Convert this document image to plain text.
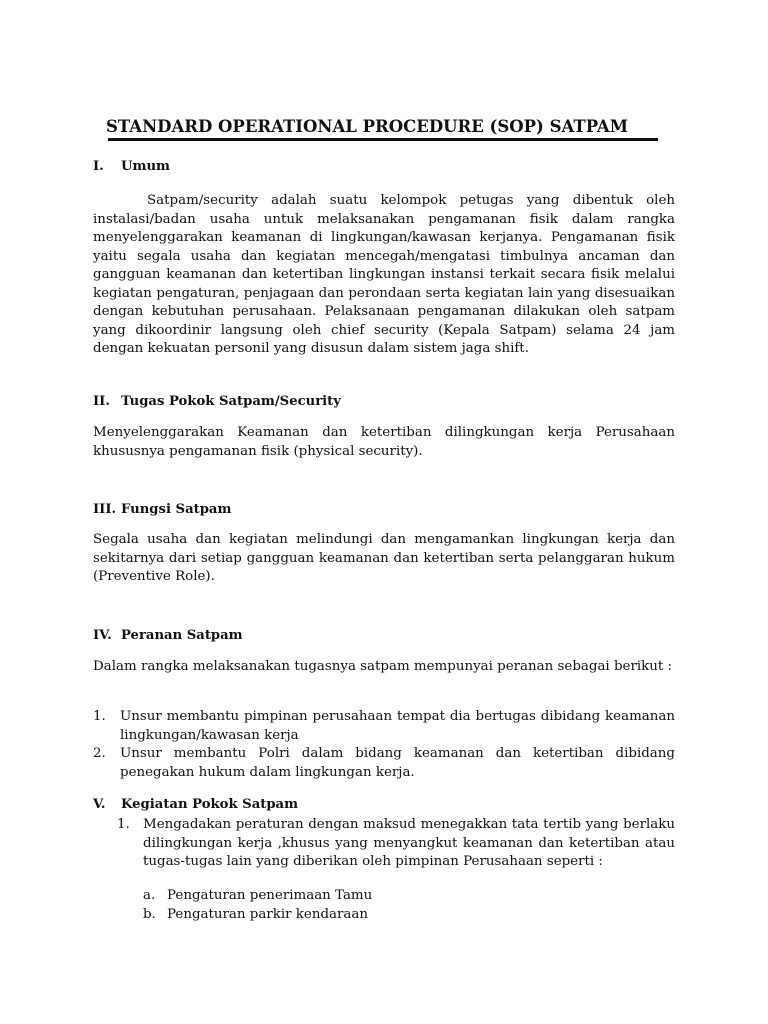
STANDARD OPERATIONAL PROCEDURE (SOP) SATPAM
I. Umum
Satpam/security adalah suatu kelompok petugas yang dibentuk oleh instalasi/badan usaha untuk melaksanakan pengamanan fisik dalam rangka menyelenggarakan keamanan di lingkungan/kawasan kerjanya. Pengamanan fisik yaitu segala usaha dan kegiatan mencegah/mengatasi timbulnya ancaman dan gangguan keamanan dan ketertiban lingkungan instansi terkait secara fisik melalui kegiatan pengaturan, penjagaan dan perondaan serta kegiatan lain yang disesuaikan dengan kebutuhan perusahaan. Pelaksanaan pengamanan dilakukan oleh satpam yang dikoordinir langsung oleh chief security (Kepala Satpam) selama 24 jam dengan kekuatan personil yang disusun dalam sistem jaga shift.
II. Tugas Pokok Satpam/Security
Menyelenggarakan Keamanan dan ketertiban dilingkungan kerja Perusahaan khususnya pengamanan fisik (physical security).
III. Fungsi Satpam
Segala usaha dan kegiatan melindungi dan mengamankan lingkungan kerja dan sekitarnya dari setiap gangguan keamanan dan ketertiban serta pelanggaran hukum (Preventive Role).
IV. Peranan Satpam
Dalam rangka melaksanakan tugasnya satpam mempunyai peranan sebagai berikut :
1. Unsur membantu pimpinan perusahaan tempat dia bertugas dibidang keamanan lingkungan/kawasan kerja
2. Unsur membantu Polri dalam bidang keamanan dan ketertiban dibidang penegakan hukum dalam lingkungan kerja.
V. Kegiatan Pokok Satpam
1. Mengadakan peraturan dengan maksud menegakkan tata tertib yang berlaku dilingkungan kerja ,khusus yang menyangkut keamanan dan ketertiban atau tugas-tugas lain yang diberikan oleh pimpinan Perusahaan seperti :
a. Pengaturan penerimaan Tamu
b. Pengaturan parkir kendaraan
